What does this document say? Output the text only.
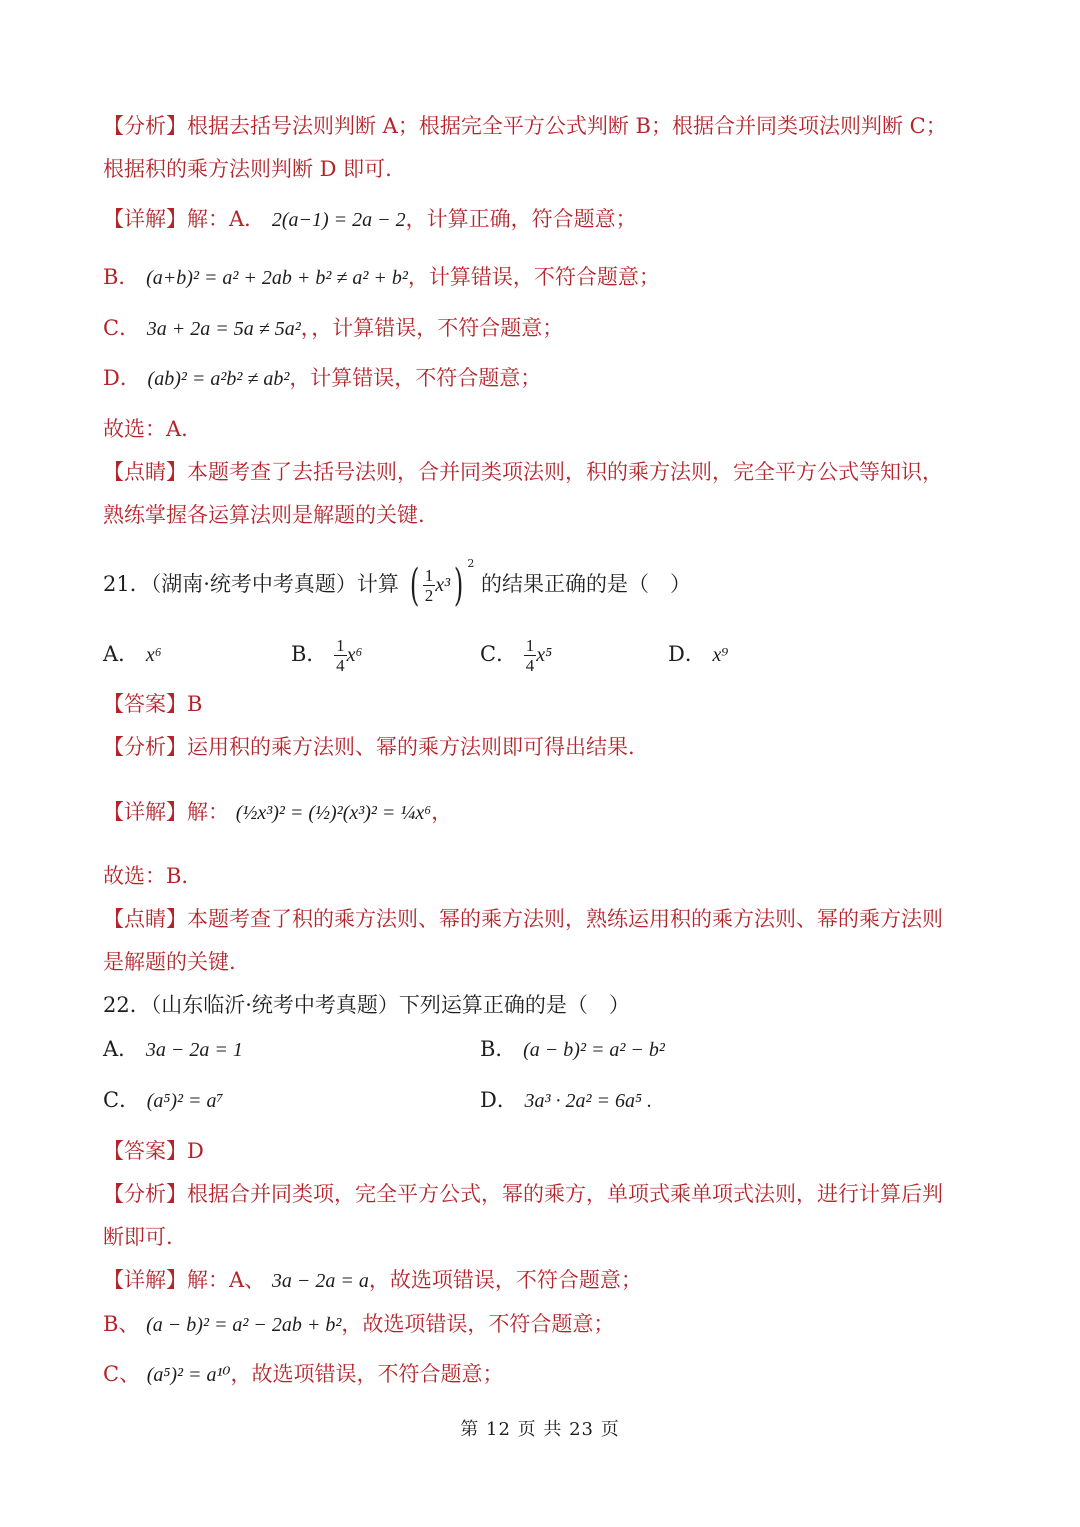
【分析】根据去括号法则判断 A；根据完全平方公式判断 B；根据合并同类项法则判断 C；
根据积的乘方法则判断 D 即可.
【详解】解：A． 2(a−1) = 2a − 2，计算正确，符合题意；
B． (a+b)² = a² + 2ab + b² ≠ a² + b²，计算错误，不符合题意；
C． 3a + 2a = 5a ≠ 5a²，，计算错误，不符合题意；
D． (ab)² = a²b² ≠ ab²，计算错误，不符合题意；
故选：A.
【点睛】本题考查了去括号法则，合并同类项法则，积的乘方法则，完全平方公式等知识，
熟练掌握各运算法则是解题的关键.
21．（湖南·统考中考真题）计算 ( $\frac{1}{2} x^3$) $^2$ 的结果正确的是（　）
A． x⁶	B． $\frac{1}{4} x^6$	C． $\frac{1}{4} x^5$	D． x⁹
【答案】B
【分析】运用积的乘方法则、幂的乘方法则即可得出结果.
【详解】解： (½x³)² = (½)²(x³)² = ¼x⁶，
故选：B.
【点睛】本题考查了积的乘方法则、幂的乘方法则，熟练运用积的乘方法则、幂的乘方法则
是解题的关键.
22．（山东临沂·统考中考真题）下列运算正确的是（　）
A． 3a − 2a = 1	B． (a − b)² = a² − b²
C． (a⁵)² = a⁷	D． 3a³ · 2a² = 6a⁵ .
【答案】D
【分析】根据合并同类项，完全平方公式，幂的乘方，单项式乘单项式法则，进行计算后判
断即可.
【详解】解：A、 3a − 2a = a，故选项错误，不符合题意；
B、 (a − b)² = a² − 2ab + b²，故选项错误，不符合题意；
C、 (a⁵)² = a¹⁰，故选项错误，不符合题意；
第 12 页 共 23 页
